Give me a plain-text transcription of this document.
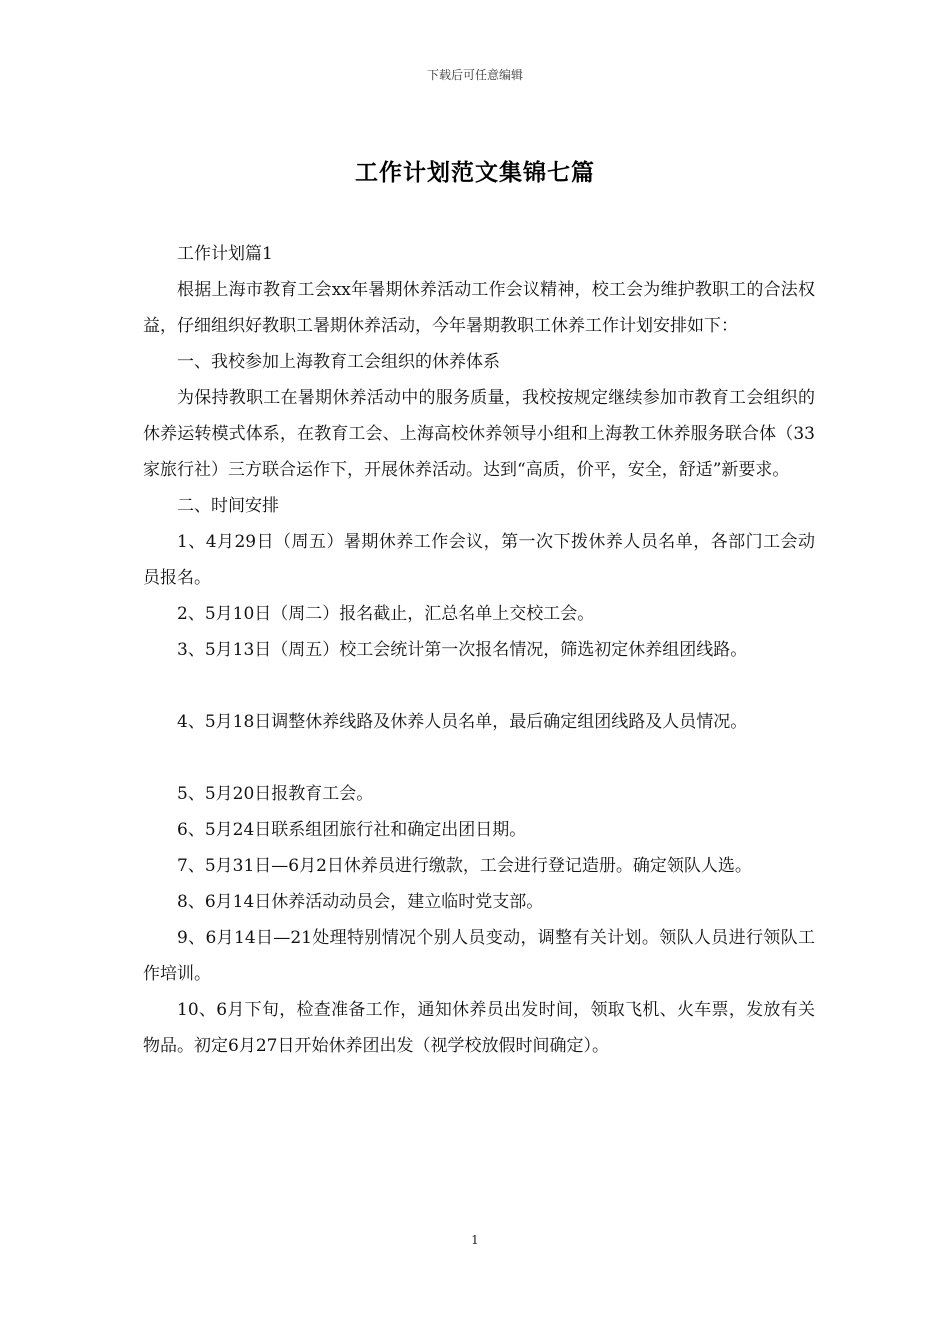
下载后可任意编辑
工作计划范文集锦七篇

工作计划篇1

根据上海市教育工会xx年暑期休养活动工作会议精神，校工会为维护教职工的合法权益，仔细组织好教职工暑期休养活动，今年暑期教职工休养工作计划安排如下：

一、我校参加上海教育工会组织的休养体系

为保持教职工在暑期休养活动中的服务质量，我校按规定继续参加市教育工会组织的休养运转模式体系，在教育工会、上海高校休养领导小组和上海教工休养服务联合体（33家旅行社）三方联合运作下，开展休养活动。达到“高质，价平，安全，舒适”新要求。

二、时间安排

1、4月29日（周五）暑期休养工作会议，第一次下拨休养人员名单，各部门工会动员报名。

2、5月10日（周二）报名截止，汇总名单上交校工会。

3、5月13日（周五）校工会统计第一次报名情况，筛选初定休养组团线路。

4、5月18日调整休养线路及休养人员名单，最后确定组团线路及人员情况。

5、5月20日报教育工会。

6、5月24日联系组团旅行社和确定出团日期。

7、5月31日—6月2日休养员进行缴款，工会进行登记造册。确定领队人选。

8、6月14日休养活动动员会，建立临时党支部。

9、6月14日—21处理特别情况个别人员变动，调整有关计划。领队人员进行领队工作培训。

10、6月下旬，检查准备工作，通知休养员出发时间，领取飞机、火车票，发放有关物品。初定6月27日开始休养团出发（视学校放假时间确定）。

1
